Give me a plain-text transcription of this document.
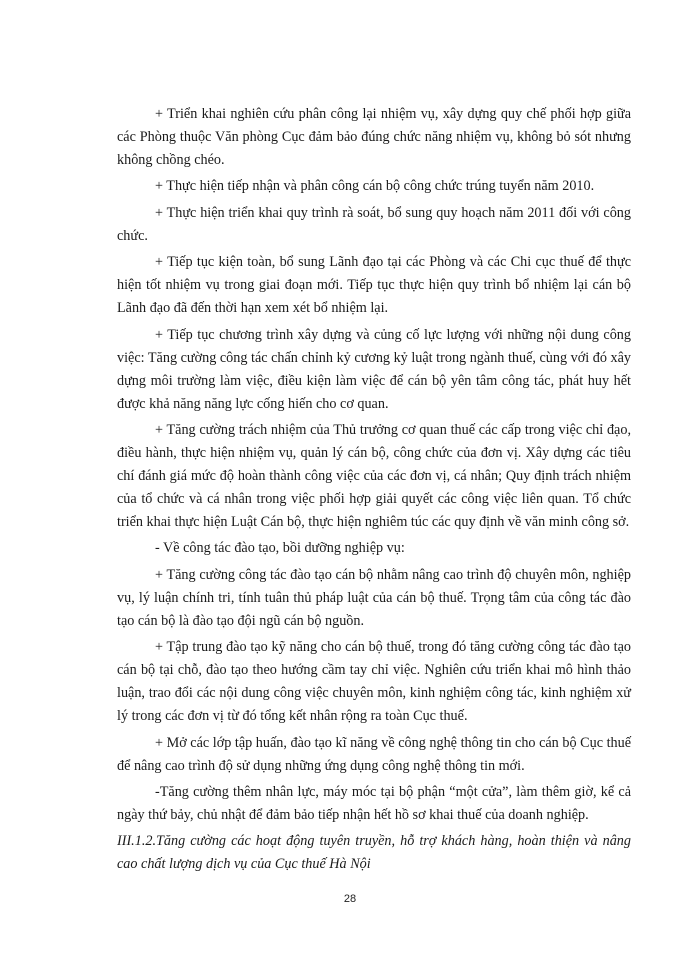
+ Triển khai nghiên cứu phân công lại nhiệm vụ, xây dựng quy chế phối hợp giữa các Phòng thuộc Văn phòng Cục đảm bảo đúng chức năng nhiệm vụ, không bỏ sót nhưng không chồng chéo.

+ Thực hiện tiếp nhận và phân công cán bộ công chức trúng tuyển năm 2010.

+ Thực hiện triển khai quy trình rà soát, bổ sung quy hoạch năm 2011 đối với công chức.

+ Tiếp tục kiện toàn, bổ sung Lãnh đạo tại các Phòng và các Chi cục thuế để thực hiện tốt nhiệm vụ trong giai đoạn mới. Tiếp tục thực hiện quy trình bổ nhiệm lại cán bộ Lãnh đạo đã đến thời hạn xem xét bổ nhiệm lại.

+ Tiếp tục chương trình xây dựng và củng cố lực lượng với những nội dung công việc: Tăng cường công tác chấn chỉnh kỷ cương kỷ luật trong ngành thuế, cùng với đó xây dựng môi trường làm việc, điều kiện làm việc để cán bộ yên tâm công tác, phát huy hết được khả năng năng lực cống hiến cho cơ quan.

+ Tăng cường trách nhiệm của Thủ trưởng cơ quan thuế các cấp trong việc chỉ đạo, điều hành, thực hiện nhiệm vụ, quản lý cán bộ, công chức của đơn vị. Xây dựng các tiêu chí đánh giá mức độ hoàn thành công việc của các đơn vị, cá nhân; Quy định trách nhiệm của tổ chức và cá nhân trong việc phối hợp giải quyết các công việc liên quan. Tổ chức triển khai thực hiện Luật Cán bộ, thực hiện nghiêm túc các quy định về văn minh công sở.

- Về công tác đào tạo, bồi dưỡng nghiệp vụ:

+ Tăng cường công tác đào tạo cán bộ nhằm nâng cao trình độ chuyên môn, nghiệp vụ, lý luận chính tri, tính tuân thủ pháp luật của cán bộ thuế. Trọng tâm của công tác đào tạo cán bộ là đào tạo đội ngũ cán bộ nguồn.

+ Tập trung đào tạo kỹ năng cho cán bộ thuế, trong đó tăng cường công tác đào tạo cán bộ tại chỗ, đào tạo theo hướng cầm tay chỉ việc. Nghiên cứu triển khai mô hình thảo luận, trao đổi các nội dung công việc chuyên môn, kinh nghiệm công tác, kinh nghiệm xử lý trong các đơn vị từ đó tổng kết nhân rộng ra toàn Cục thuế.

+ Mở các lớp tập huấn, đào tạo kĩ năng về công nghệ thông tin cho cán bộ Cục thuế để nâng cao trình độ sử dụng những ứng dụng công nghệ thông tin mới.

-Tăng cường thêm nhân lực, máy móc tại bộ phận “một cửa”, làm thêm giờ, kể cả ngày thứ bảy, chủ nhật để đảm bảo tiếp nhận hết hồ sơ khai thuế của doanh nghiệp.

III.1.2.Tăng cường các hoạt động tuyên truyền, hỗ trợ khách hàng, hoàn thiện và nâng cao chất lượng dịch vụ của Cục thuế Hà Nội

28
